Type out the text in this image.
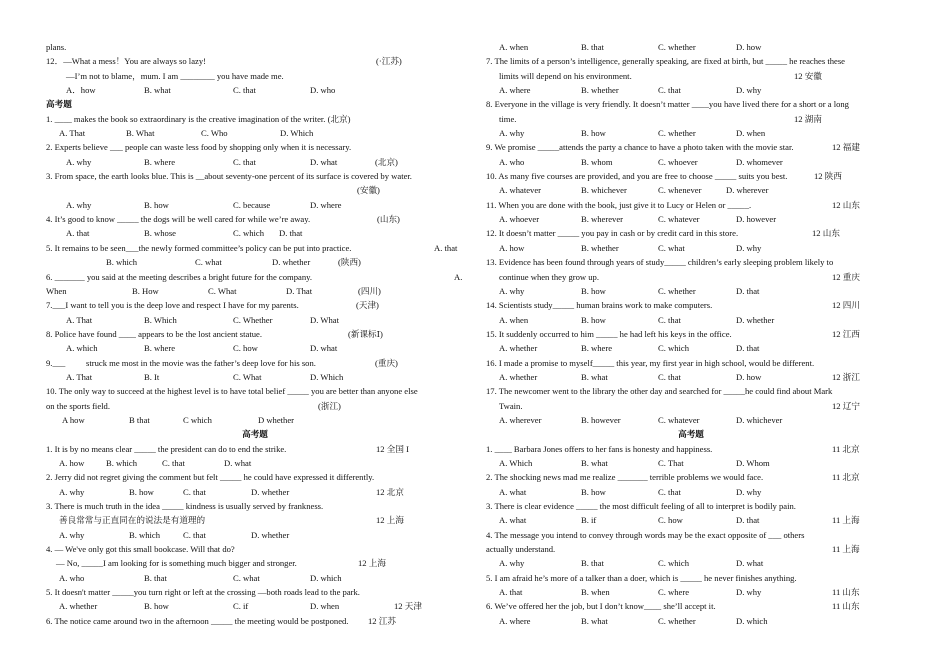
plans.
12．—What a mess！You are always so lazy!	(·江苏)
—I’m not to blame，mum. I am ________ you have made me.
A．how	B. what	C. that	D. who
高考题
1. ____ makes the book so extraordinary is the creative imagination of the writer. (北京)
A. That	B. What	C. Who	D. Which
2. Experts believe ___ people can waste less food by shopping only when it is necessary.
A. why	B. where	C. that	D. what	(北京)
3. From space, the earth looks blue. This is __about seventy-one percent of its surface is covered by water.
(安徽)
A. why	B. how	C. because	D. where
4. It’s good to know _____ the dogs will be well cared for while we’re away.	(山东)
A. that	B. whose	C. which D. that
5. It remains to be seen___the newly formed committee’s policy can be put into practice.	A. that
B. which	C. what	D. whether	(陕西)
6. _______ you said at the meeting describes a bright future for the company.	A.
When	B. How	C. What	D. That	(四川)
7.___I want to tell you is the deep love and respect I have for my parents.	(天津)
A. That	B. Which	C. Whether	D. What
8. Police have found ____ appears to be the lost ancient statue.	(新课标Ⅰ)
A. which	B. where	C. how	D. what
9.___ struck me most in the movie was the father’s deep love for his son.	(重庆)
A. That	B. It	C. What	D. Which
10. The only way to succeed at the highest level is to have total belief _____ you are better than anyone else
on the sports field.	(浙江)
A how	B that	C which	D whether
高考题
1. It is by no means clear _____ the president can do to end the strike.	12 全国 I
A. how	B. which	C. that	D. what
2. Jerry did not regret giving the comment but felt _____ he could have expressed it differently.
A. why	B. how	C. that	D. whether	12 北京
3. There is much truth in the idea _____ kindness is usually served by frankness.
善良常常与正直同在的说法是有道理的	12 上海
A. why	B. which	C. that	D. whether
4. — We've only got this small bookcase. Will that do?
— No, _____I am looking for is something much bigger and stronger.	12 上海
A. who	B. that	C. what	D. which
5. It doesn't matter _____you turn right or left at the crossing —both roads lead to the park.
A. whether	B. how	C. if	D. when	12 天津
6. The notice came around two in the afternoon _____ the meeting would be postponed. 12 江苏
A. when	B. that	C. whether	D. how
7. The limits of a person’s intelligence, generally speaking, are fixed at birth, but _____ he reaches these
limits will depend on his environment.	12 安徽
A. where	B. whether	C. that	D. why
8. Everyone in the village is very friendly. It doesn’t matter ____you have lived there for a short or a long
time.	12 湖南
A. why	B. how	C. whether	D. when
9. We promise _____attends the party a chance to have a photo taken with the movie star.	12 福建
A. who	B. whom	C. whoever	D. whomever
10. As many five courses are provided, and you are free to choose _____ suits you best.	12 陕西
A. whatever	B. whichever	C. whenever	D. wherever
11. When you are done with the book, just give it to Lucy or Helen or _____.	12 山东
A. whoever	B. wherever	C. whatever	D. however
12. It doesn’t matter _____ you pay in cash or by credit card in this store.	12 山东
A. how	B. whether	C. what	D. why
13. Evidence has been found through years of study_____ children’s early sleeping problem likely to
continue when they grow up.	12 重庆
A. why	B. how	C. whether	D. that
14. Scientists study_____ human brains work to make computers.	12 四川
A. when	B. how	C. that	D. whether
15. It suddenly occurred to him _____ he had left his keys in the office.	12 江西
A. whether	B. where	C. which	D. that
16. I made a promise to myself_____ this year, my first year in high school, would be different.
A. whether	B. what	C. that	D. how	12 浙江
17. The newcomer went to the library the other day and searched for _____he could find about Mark
Twain.	12 辽宁
A. wherever	B. however	C. whatever	D. whichever
高考题
1. ____ Barbara Jones offers to her fans is honesty and happiness.	11 北京
A. Which	B. what	C. That	D. Whom
2. The shocking news mad me realize _______ terrible problems we would face.	11 北京
A. what	B. how	C. that	D. why
3. There is clear evidence _____ the most difficult feeling of all to interpret is bodily pain.
A. what	B. if	C. how	D. that	11 上海
4. The message you intend to convey through words may be the exact opposite of ___ others
actually understand.	11 上海
A. why	B. that	C. which	D. what
5. I am afraid he’s more of a talker than a doer, which is _____ he never finishes anything.
A. that	B. when	C. where	D. why	11 山东
6. We’ve offered her the job, but I don’t know____ she’ll accept it.	11 山东
A. where	B. what	C. whether	D. which
